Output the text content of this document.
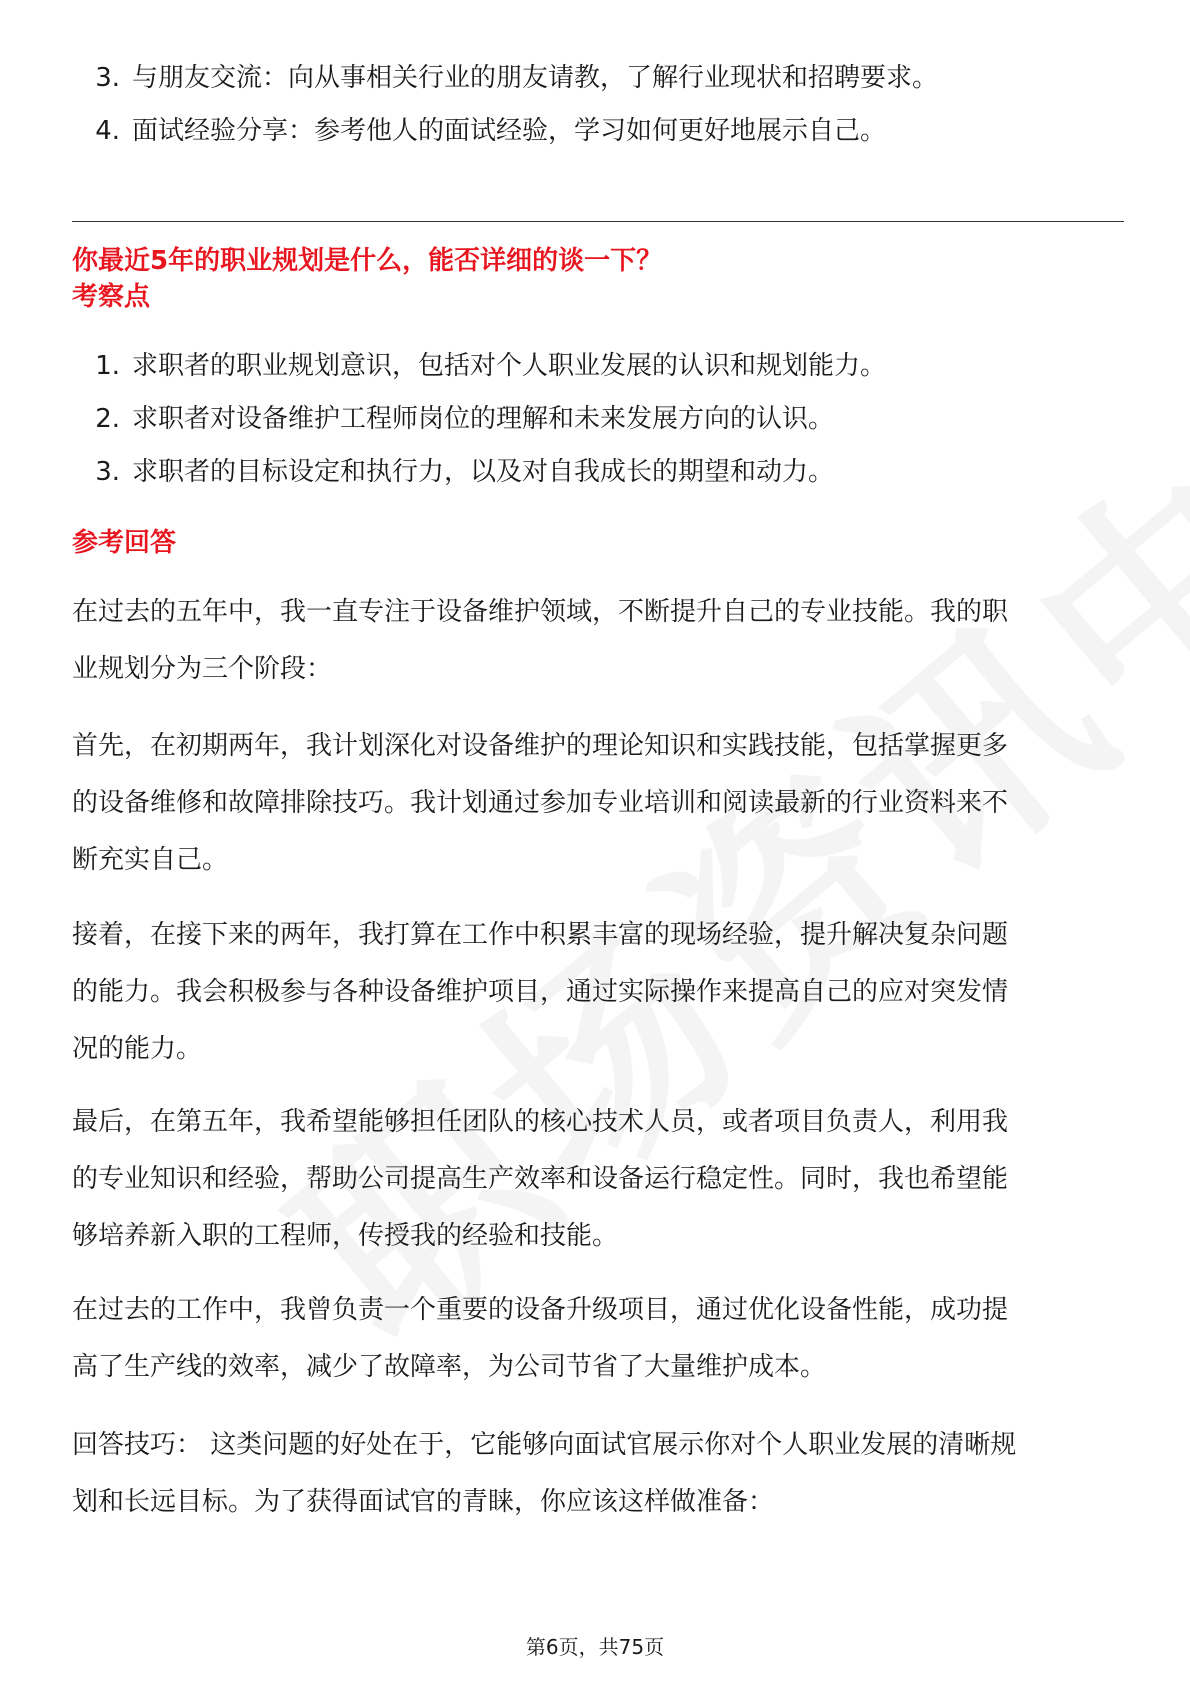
3. 与朋友交流：向从事相关行业的朋友请教，了解行业现状和招聘要求。
4. 面试经验分享：参考他人的面试经验，学习如何更好地展示自己。
你最近5年的职业规划是什么，能否详细的谈一下？
考察点
1. 求职者的职业规划意识，包括对个人职业发展的认识和规划能力。
2. 求职者对设备维护工程师岗位的理解和未来发展方向的认识。
3. 求职者的目标设定和执行力，以及对自我成长的期望和动力。
参考回答
在过去的五年中，我一直专注于设备维护领域，不断提升自己的专业技能。我的职
业规划分为三个阶段：
首先，在初期两年，我计划深化对设备维护的理论知识和实践技能，包括掌握更多
的设备维修和故障排除技巧。我计划通过参加专业培训和阅读最新的行业资料来不
断充实自己。
接着，在接下来的两年，我打算在工作中积累丰富的现场经验，提升解决复杂问题
的能力。我会积极参与各种设备维护项目，通过实际操作来提高自己的应对突发情
况的能力。
最后，在第五年，我希望能够担任团队的核心技术人员，或者项目负责人，利用我
的专业知识和经验，帮助公司提高生产效率和设备运行稳定性。同时，我也希望能
够培养新入职的工程师，传授我的经验和技能。
在过去的工作中，我曾负责一个重要的设备升级项目，通过优化设备性能，成功提
高了生产线的效率，减少了故障率，为公司节省了大量维护成本。
回答技巧： 这类问题的好处在于，它能够向面试官展示你对个人职业发展的清晰规
划和长远目标。为了获得面试官的青睐，你应该这样做准备：
第6页，共75页
